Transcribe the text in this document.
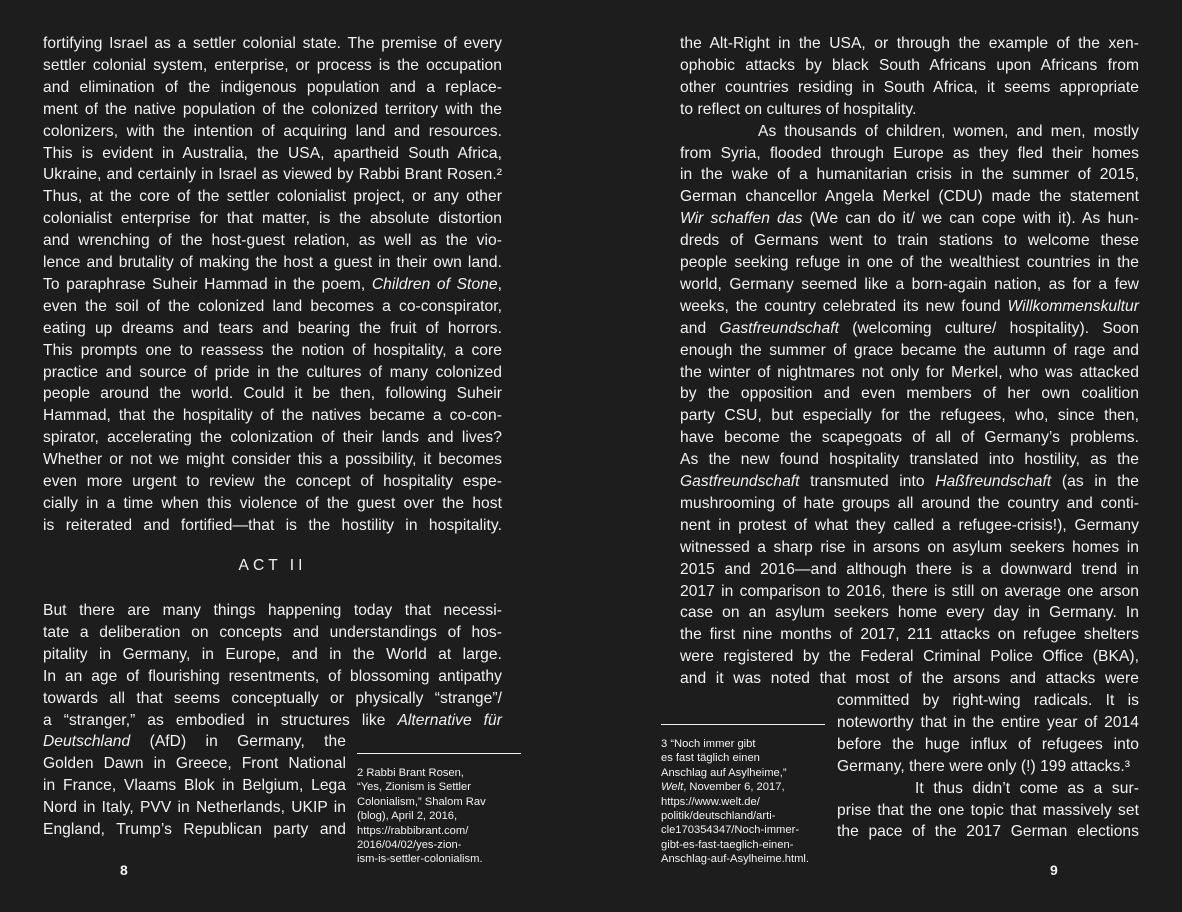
fortifying Israel as a settler colonial state. The premise of every
settler colonial system, enterprise, or process is the occupation
and elimination of the indigenous population and a replace-
ment of the native population of the colonized territory with the
colonizers, with the intention of acquiring land and resources.
This is evident in Australia, the USA, apartheid South Africa,
Ukraine, and certainly in Israel as viewed by Rabbi Brant Rosen.²
Thus, at the core of the settler colonialist project, or any other
colonialist enterprise for that matter, is the absolute distortion
and wrenching of the host-guest relation, as well as the vio-
lence and brutality of making the host a guest in their own land.
To paraphrase Suheir Hammad in the poem, Children of Stone,
even the soil of the colonized land becomes a co-conspirator,
eating up dreams and tears and bearing the fruit of horrors.
This prompts one to reassess the notion of hospitality, a core
practice and source of pride in the cultures of many colonized
people around the world. Could it be then, following Suheir
Hammad, that the hospitality of the natives became a co-con-
spirator, accelerating the colonization of their lands and lives?
Whether or not we might consider this a possibility, it becomes
even more urgent to review the concept of hospitality espe-
cially in a time when this violence of the guest over the host
is reiterated and fortified—that is the hostility in hospitality.
ACT II
But there are many things happening today that necessi-
tate a deliberation on concepts and understandings of hos-
pitality in Germany, in Europe, and in the World at large.
In an age of flourishing resentments, of blossoming antipathy
towards all that seems conceptually or physically “strange”/
a “stranger,” as embodied in structures like Alternative für
Deutschland (AfD) in Germany, the
Golden Dawn in Greece, Front National
in France, Vlaams Blok in Belgium, Lega
Nord in Italy, PVV in Netherlands, UKIP in
England, Trump’s Republican party and
2 Rabbi Brant Rosen,
“Yes, Zionism is Settler
Colonialism,” Shalom Rav
(blog), April 2, 2016,
https://rabbibrant.com/
2016/04/02/yes-zion-
ism-is-settler-colonialism.
8
the Alt-Right in the USA, or through the example of the xen-
ophobic attacks by black South Africans upon Africans from
other countries residing in South Africa, it seems appropriate
to reflect on cultures of hospitality.
As thousands of children, women, and men, mostly
from Syria, flooded through Europe as they fled their homes
in the wake of a humanitarian crisis in the summer of 2015,
German chancellor Angela Merkel (CDU) made the statement
Wir schaffen das (We can do it/ we can cope with it). As hun-
dreds of Germans went to train stations to welcome these
people seeking refuge in one of the wealthiest countries in the
world, Germany seemed like a born-again nation, as for a few
weeks, the country celebrated its new found Willkommenskultur
and Gastfreundschaft (welcoming culture/ hospitality). Soon
enough the summer of grace became the autumn of rage and
the winter of nightmares not only for Merkel, who was attacked
by the opposition and even members of her own coalition
party CSU, but especially for the refugees, who, since then,
have become the scapegoats of all of Germany’s problems.
As the new found hospitality translated into hostility, as the
Gastfreundschaft transmuted into Haßfreundschaft (as in the
mushrooming of hate groups all around the country and conti-
nent in protest of what they called a refugee-crisis!), Germany
witnessed a sharp rise in arsons on asylum seekers homes in
2015 and 2016—and although there is a downward trend in
2017 in comparison to 2016, there is still on average one arson
case on an asylum seekers home every day in Germany. In
the first nine months of 2017, 211 attacks on refugee shelters
were registered by the Federal Criminal Police Office (BKA),
and it was noted that most of the arsons and attacks were
committed by right-wing radicals. It is
noteworthy that in the entire year of 2014
before the huge influx of refugees into
Germany, there were only (!) 199 attacks.³
It thus didn’t come as a sur-
prise that the one topic that massively set
the pace of the 2017 German elections
3 “Noch immer gibt
es fast täglich einen
Anschlag auf Asylheime,”
Welt, November 6, 2017,
https://www.welt.de/
politik/deutschland/arti-
cle170354347/Noch-immer-
gibt-es-fast-taeglich-einen-
Anschlag-auf-Asylheime.html.
9
